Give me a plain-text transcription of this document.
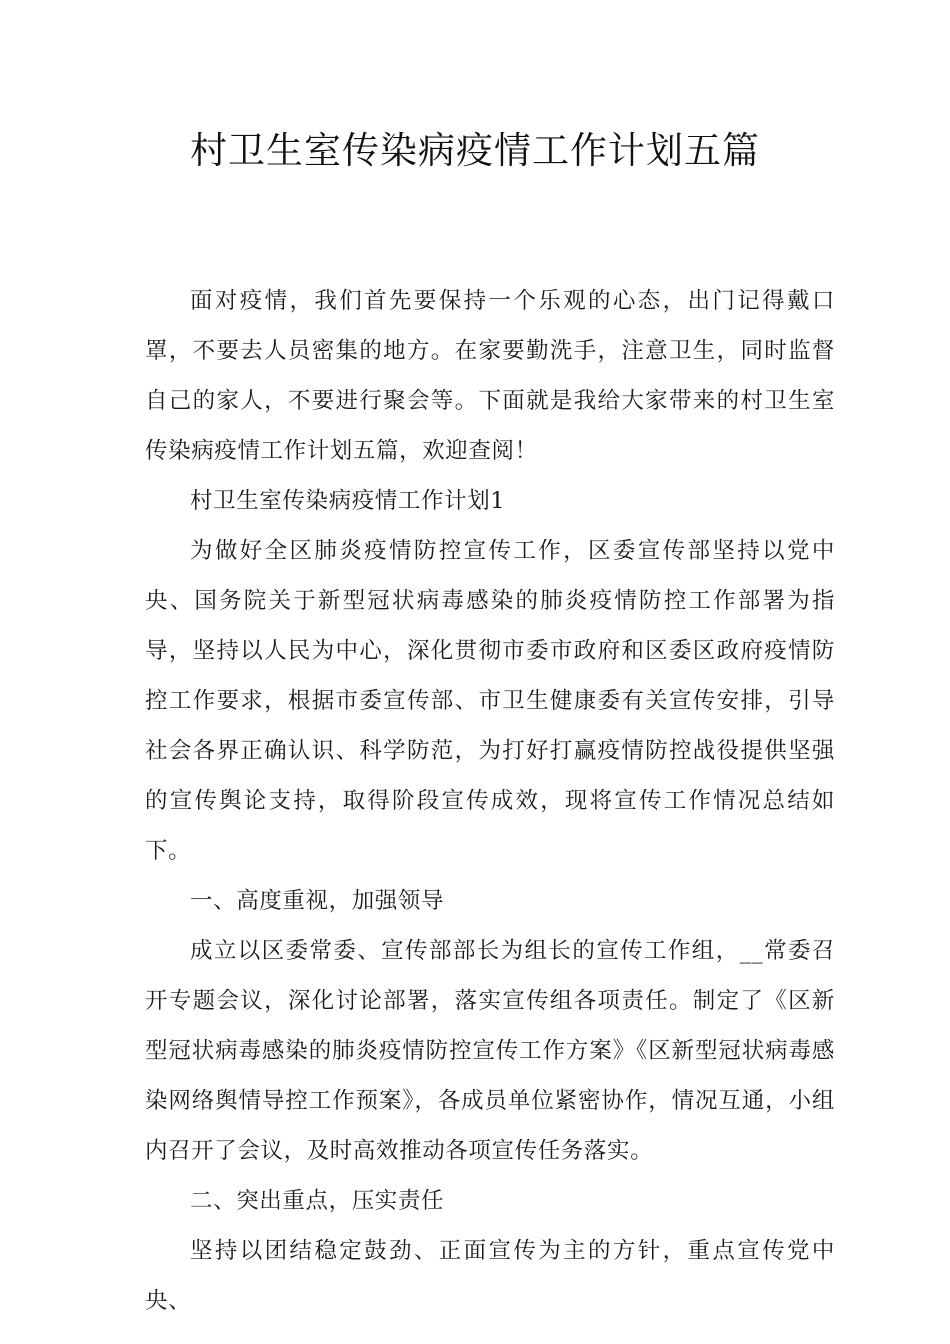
村卫生室传染病疫情工作计划五篇

面对疫情，我们首先要保持一个乐观的心态，出门记得戴口罩，不要去人员密集的地方。在家要勤洗手，注意卫生，同时监督自己的家人，不要进行聚会等。下面就是我给大家带来的村卫生室传染病疫情工作计划五篇，欢迎查阅！

村卫生室传染病疫情工作计划1

为做好全区肺炎疫情防控宣传工作，区委宣传部坚持以党中央、国务院关于新型冠状病毒感染的肺炎疫情防控工作部署为指导，坚持以人民为中心，深化贯彻市委市政府和区委区政府疫情防控工作要求，根据市委宣传部、市卫生健康委有关宣传安排，引导社会各界正确认识、科学防范，为打好打赢疫情防控战役提供坚强的宣传舆论支持，取得阶段宣传成效，现将宣传工作情况总结如下。

一、高度重视，加强领导

成立以区委常委、宣传部部长为组长的宣传工作组，__常委召开专题会议，深化讨论部署，落实宣传组各项责任。制定了《区新型冠状病毒感染的肺炎疫情防控宣传工作方案》《区新型冠状病毒感染网络舆情导控工作预案》，各成员单位紧密协作，情况互通，小组内召开了会议，及时高效推动各项宣传任务落实。

二、突出重点，压实责任

坚持以团结稳定鼓劲、正面宣传为主的方针，重点宣传党中央、
